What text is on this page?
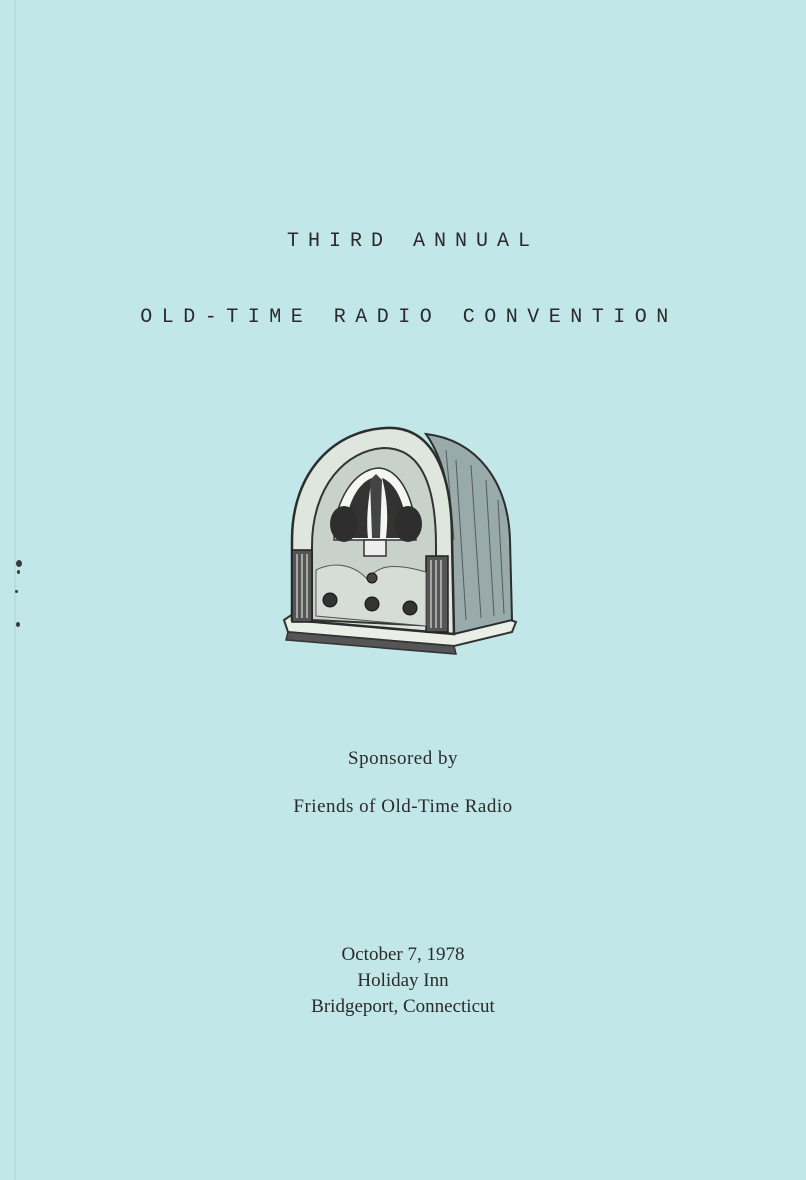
THIRD ANNUAL
OLD-TIME RADIO CONVENTION
Sponsored by
Friends of Old-Time Radio
October 7, 1978
Holiday Inn
Bridgeport, Connecticut
